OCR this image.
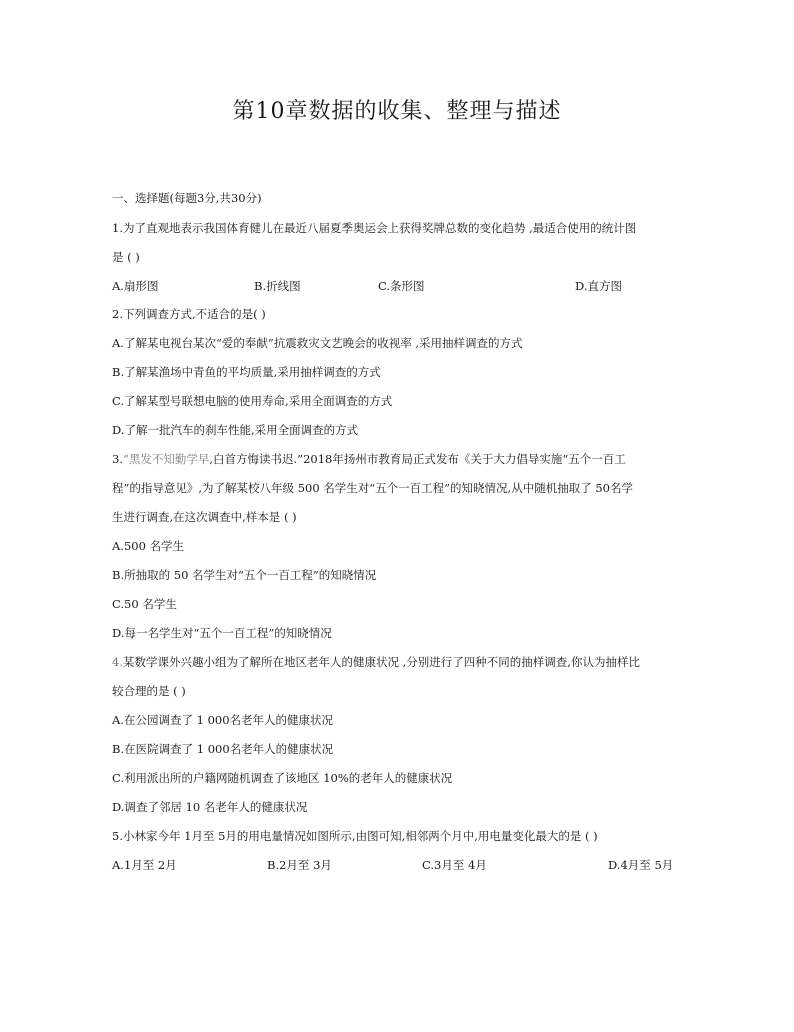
第10章数据的收集、整理与描述
一、选择题(每题3分,共30分)
1.为了直观地表示我国体育健儿在最近八届夏季奥运会上获得奖牌总数的变化趋势 ,最适合使用的统计图
是 ( )
A.扇形图	B.折线图	C.条形图	D.直方图
2.下列调查方式,不适合的是( )
A.了解某电视台某次“爱的奉献”抗震救灾文艺晚会的收视率 ,采用抽样调查的方式
B.了解某渔场中青鱼的平均质量,采用抽样调查的方式
C.了解某型号联想电脑的使用寿命,采用全面调查的方式
D.了解一批汽车的刹车性能,采用全面调查的方式
3.“黑发不知勤学早,白首方悔读书迟.”2018年扬州市教育局正式发布《关于大力倡导实施“五个一百工
程”的指导意见》,为了解某校八年级 500 名学生对“五个一百工程”的知晓情况,从中随机抽取了 50名学
生进行调查,在这次调查中,样本是 ( )
A.500 名学生
B.所抽取的 50 名学生对“五个一百工程”的知晓情况
C.50 名学生
D.每一名学生对“五个一百工程”的知晓情况
4.某数学课外兴趣小组为了解所在地区老年人的健康状况 ,分别进行了四种不同的抽样调查,你认为抽样比
较合理的是 ( )
A.在公园调查了 1 000名老年人的健康状况
B.在医院调查了 1 000名老年人的健康状况
C.利用派出所的户籍网随机调查了该地区 10%的老年人的健康状况
D.调查了邻居 10 名老年人的健康状况
5.小林家今年 1月至 5月的用电量情况如图所示,由图可知,相邻两个月中,用电量变化最大的是 ( )
A.1月至 2月	B.2月至 3月	C.3月至 4月	D.4月至 5月
